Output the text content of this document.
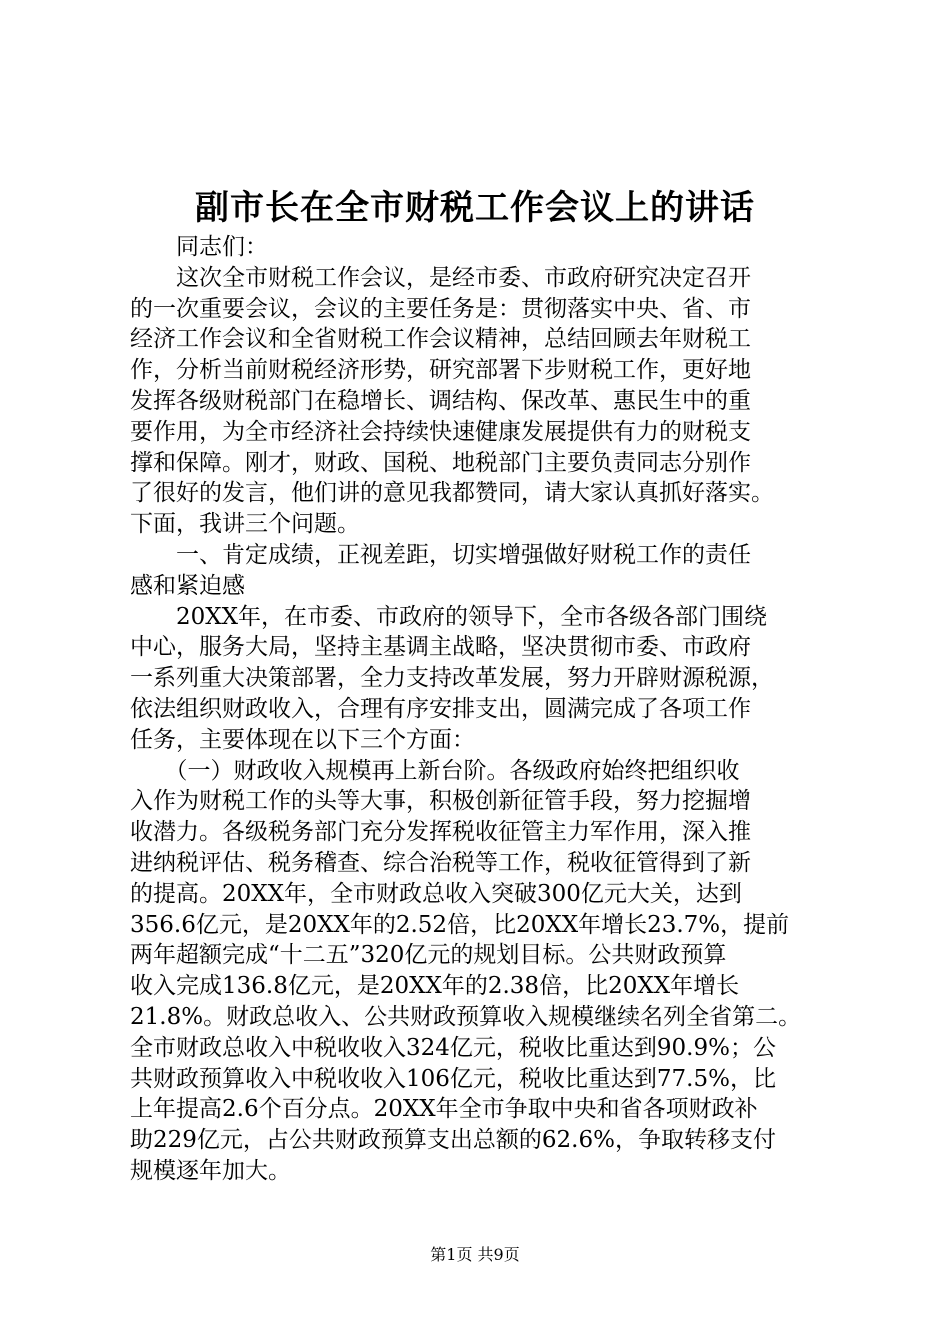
副市长在全市财税工作会议上的讲话
　　同志们：
　　这次全市财税工作会议，是经市委、市政府研究决定召开
的一次重要会议，会议的主要任务是：贯彻落实中央、省、市
经济工作会议和全省财税工作会议精神，总结回顾去年财税工
作，分析当前财税经济形势，研究部署下步财税工作，更好地
发挥各级财税部门在稳增长、调结构、保改革、惠民生中的重
要作用，为全市经济社会持续快速健康发展提供有力的财税支
撑和保障。刚才，财政、国税、地税部门主要负责同志分别作
了很好的发言，他们讲的意见我都赞同，请大家认真抓好落实。
下面，我讲三个问题。
　　一、肯定成绩，正视差距，切实增强做好财税工作的责任
感和紧迫感
　　20XX年，在市委、市政府的领导下，全市各级各部门围绕
中心，服务大局，坚持主基调主战略，坚决贯彻市委、市政府
一系列重大决策部署，全力支持改革发展，努力开辟财源税源，
依法组织财政收入，合理有序安排支出，圆满完成了各项工作
任务，主要体现在以下三个方面：
　　（一）财政收入规模再上新台阶。各级政府始终把组织收
入作为财税工作的头等大事，积极创新征管手段，努力挖掘增
收潜力。各级税务部门充分发挥税收征管主力军作用，深入推
进纳税评估、税务稽查、综合治税等工作，税收征管得到了新
的提高。20XX年，全市财政总收入突破300亿元大关，达到
356.6亿元，是20XX年的2.52倍，比20XX年增长23.7%，提前
两年超额完成“十二五”320亿元的规划目标。公共财政预算
收入完成136.8亿元，是20XX年的2.38倍，比20XX年增长
21.8%。财政总收入、公共财政预算收入规模继续名列全省第二。
全市财政总收入中税收收入324亿元，税收比重达到90.9%；公
共财政预算收入中税收收入106亿元，税收比重达到77.5%，比
上年提高2.6个百分点。20XX年全市争取中央和省各项财政补
助229亿元，占公共财政预算支出总额的62.6%，争取转移支付
规模逐年加大。
第1页 共9页
